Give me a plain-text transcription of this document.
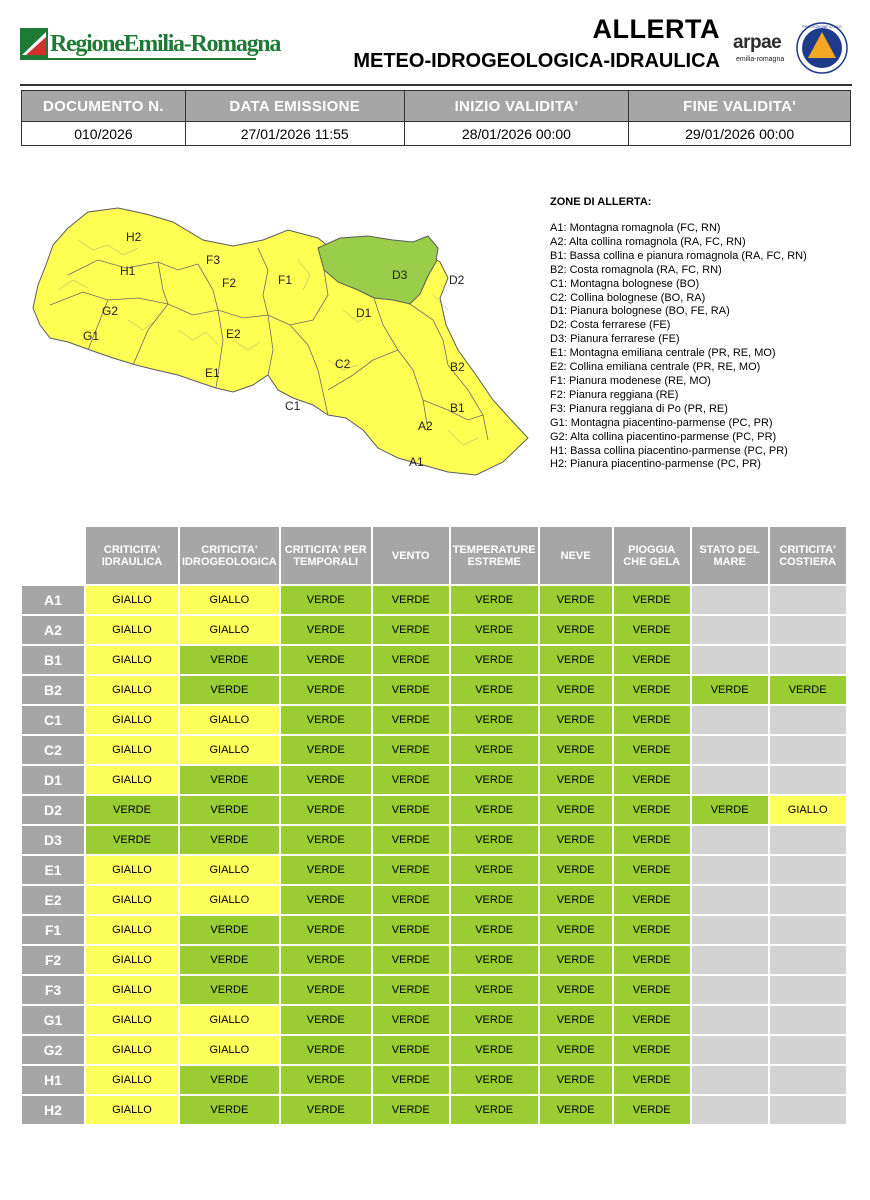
RegioneEmilia-Romagna	ALLERTA
METEO-IDROGEOLOGICA-IDRAULICA
arpae
emilia-romagna
PROTEZIONE CIVILE
DOCUMENTO N.	DATA EMISSIONE	INIZIO VALIDITA'	FINE VALIDITA'
010/2026	27/01/2026 11:55	28/01/2026 00:00	29/01/2026 00:00
H2
H1
G2
G1
F3
F2	F1
E2
E1
C1
C2
D1
D3	D2
B2
B1
A2
A1
ZONE DI ALLERTA:
A1: Montagna romagnola (FC, RN)
A2: Alta collina romagnola (RA, FC, RN)
B1: Bassa collina e pianura romagnola (RA, FC, RN)
B2: Costa romagnola (RA, FC, RN)
C1: Montagna bolognese (BO)
C2: Collina bolognese (BO, RA)
D1: Pianura bolognese (BO, FE, RA)
D2: Costa ferrarese (FE)
D3: Pianura ferrarese (FE)
E1: Montagna emiliana centrale (PR, RE, MO)
E2: Collina emiliana centrale (PR, RE, MO)
F1: Pianura modenese (RE, MO)
F2: Pianura reggiana (RE)
F3: Pianura reggiana di Po (PR, RE)
G1: Montagna piacentino-parmense (PC, PR)
G2: Alta collina piacentino-parmense (PC, PR)
H1: Bassa collina piacentino-parmense (PC, PR)
H2: Pianura piacentino-parmense (PC, PR)
	CRITICITA' IDRAULICA	CRITICITA' IDROGEOLOGICA	CRITICITA' PER TEMPORALI	VENTO	TEMPERATURE ESTREME	NEVE	PIOGGIA CHE GELA	STATO DEL MARE	CRITICITA' COSTIERA
A1	GIALLO	GIALLO	VERDE	VERDE	VERDE	VERDE	VERDE		
A2	GIALLO	GIALLO	VERDE	VERDE	VERDE	VERDE	VERDE		
B1	GIALLO	VERDE	VERDE	VERDE	VERDE	VERDE	VERDE		
B2	GIALLO	VERDE	VERDE	VERDE	VERDE	VERDE	VERDE	VERDE	VERDE
C1	GIALLO	GIALLO	VERDE	VERDE	VERDE	VERDE	VERDE		
C2	GIALLO	GIALLO	VERDE	VERDE	VERDE	VERDE	VERDE		
D1	GIALLO	VERDE	VERDE	VERDE	VERDE	VERDE	VERDE		
D2	VERDE	VERDE	VERDE	VERDE	VERDE	VERDE	VERDE	VERDE	GIALLO
D3	VERDE	VERDE	VERDE	VERDE	VERDE	VERDE	VERDE		
E1	GIALLO	GIALLO	VERDE	VERDE	VERDE	VERDE	VERDE		
E2	GIALLO	GIALLO	VERDE	VERDE	VERDE	VERDE	VERDE		
F1	GIALLO	VERDE	VERDE	VERDE	VERDE	VERDE	VERDE		
F2	GIALLO	VERDE	VERDE	VERDE	VERDE	VERDE	VERDE		
F3	GIALLO	VERDE	VERDE	VERDE	VERDE	VERDE	VERDE		
G1	GIALLO	GIALLO	VERDE	VERDE	VERDE	VERDE	VERDE		
G2	GIALLO	GIALLO	VERDE	VERDE	VERDE	VERDE	VERDE		
H1	GIALLO	VERDE	VERDE	VERDE	VERDE	VERDE	VERDE		
H2	GIALLO	VERDE	VERDE	VERDE	VERDE	VERDE	VERDE		
